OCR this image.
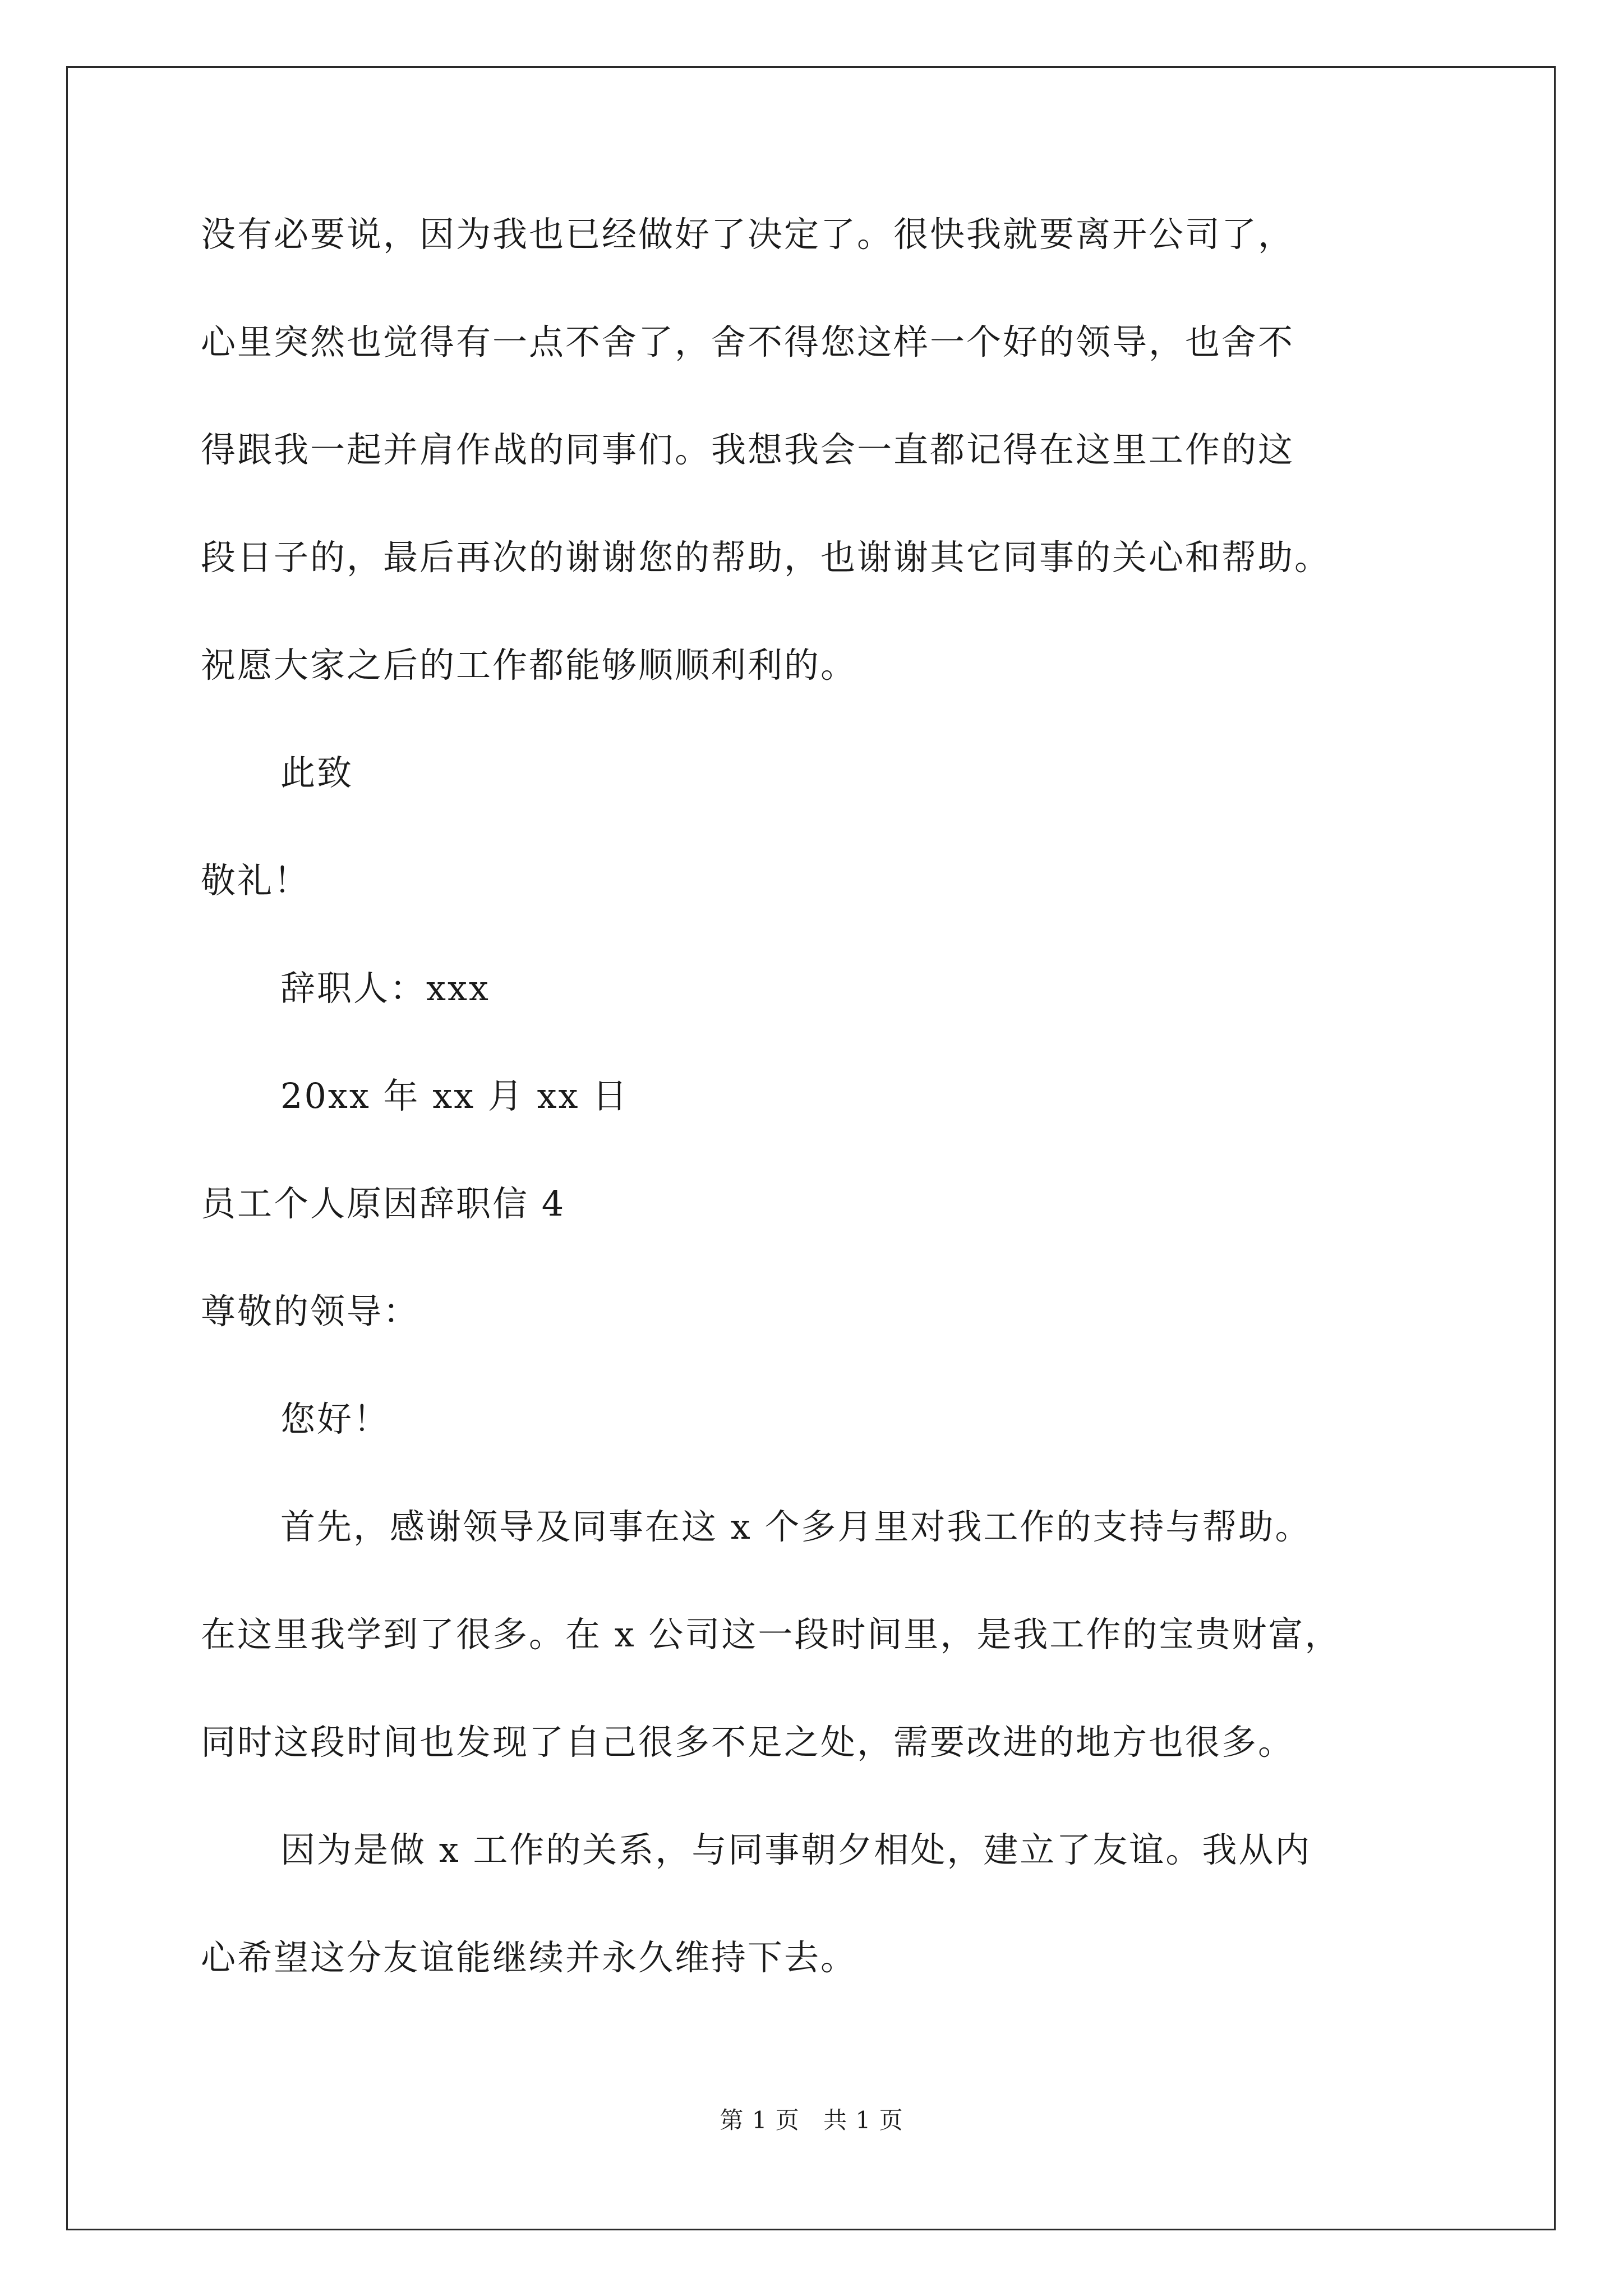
没有必要说，因为我也已经做好了决定了。很快我就要离开公司了，

心里突然也觉得有一点不舍了，舍不得您这样一个好的领导，也舍不

得跟我一起并肩作战的同事们。我想我会一直都记得在这里工作的这

段日子的，最后再次的谢谢您的帮助，也谢谢其它同事的关心和帮助。

祝愿大家之后的工作都能够顺顺利利的。

此致

敬礼！

辞职人：xxx

20xx 年 xx 月 xx 日

员工个人原因辞职信 4

尊敬的领导：

您好！

首先，感谢领导及同事在这 x 个多月里对我工作的支持与帮助。

在这里我学到了很多。在 x 公司这一段时间里，是我工作的宝贵财富，

同时这段时间也发现了自己很多不足之处，需要改进的地方也很多。

因为是做 x 工作的关系，与同事朝夕相处，建立了友谊。我从内

心希望这分友谊能继续并永久维持下去。

第 1 页 共 1 页
